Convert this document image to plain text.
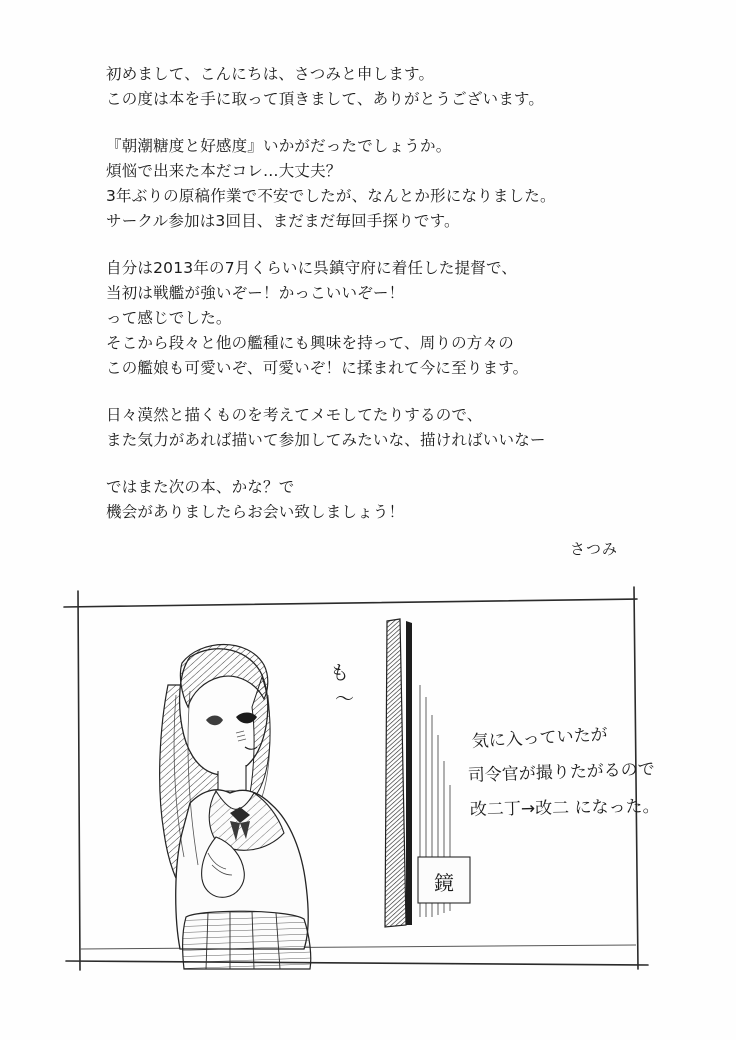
初めまして、こんにちは、さつみと申します。
この度は本を手に取って頂きまして、ありがとうございます。
『朝潮糖度と好感度』いかがだったでしょうか。
煩悩で出来た本だコレ…大丈夫？
3年ぶりの原稿作業で不安でしたが、なんとか形になりました。
サークル参加は3回目、まだまだ毎回手探りです。
自分は2013年の7月くらいに呉鎮守府に着任した提督で、
当初は戦艦が強いぞー！かっこいいぞー！
って感じでした。
そこから段々と他の艦種にも興味を持って、周りの方々の
この艦娘も可愛いぞ、可愛いぞ！に揉まれて今に至ります。
日々漠然と描くものを考えてメモしてたりするので、
また気力があれば描いて参加してみたいな、描ければいいなー
ではまた次の本、かな？で
機会がありましたらお会い致しましょう！
さつみ
鏡
も
～
気に入っていたが
司令官が撮りたがるので
改二丁→改二 になった。
